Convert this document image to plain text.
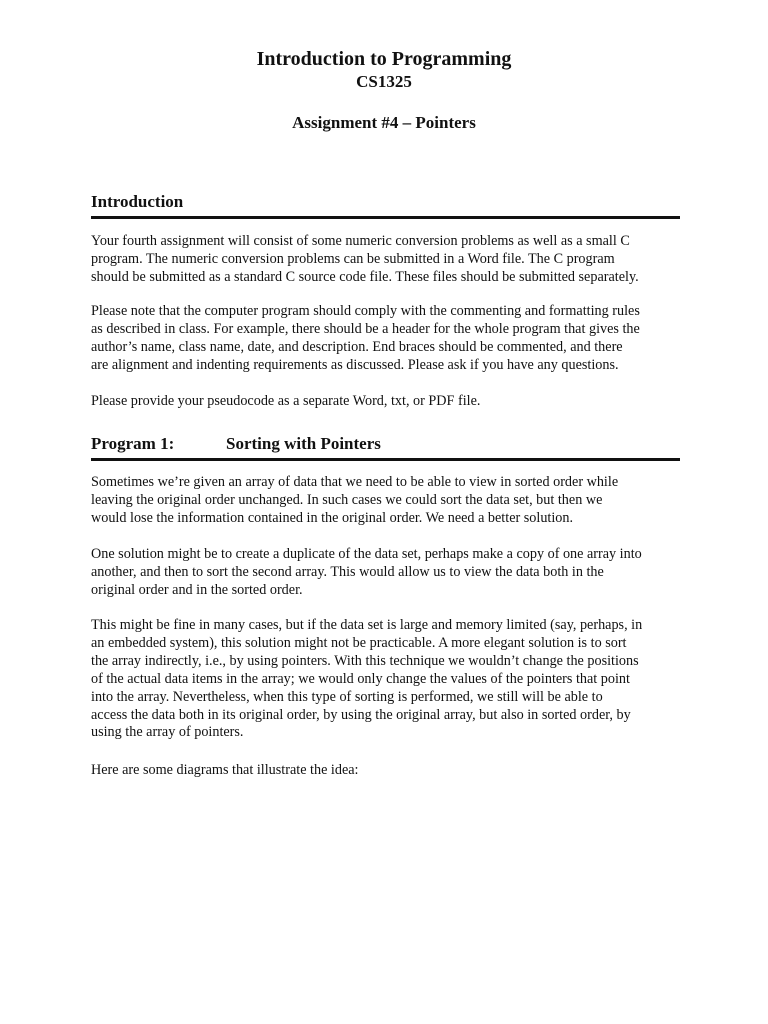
Introduction to Programming
CS1325
Assignment #4 – Pointers
Introduction

Your fourth assignment will consist of some numeric conversion problems as well as a small C
program. The numeric conversion problems can be submitted in a Word file. The C program
should be submitted as a standard C source code file. These files should be submitted separately.

Please note that the computer program should comply with the commenting and formatting rules
as described in class. For example, there should be a header for the whole program that gives the
author’s name, class name, date, and description. End braces should be commented, and there
are alignment and indenting requirements as discussed. Please ask if you have any questions.

Please provide your pseudocode as a separate Word, txt, or PDF file.

Program 1:	Sorting with Pointers

Sometimes we’re given an array of data that we need to be able to view in sorted order while
leaving the original order unchanged. In such cases we could sort the data set, but then we
would lose the information contained in the original order. We need a better solution.

One solution might be to create a duplicate of the data set, perhaps make a copy of one array into
another, and then to sort the second array. This would allow us to view the data both in the
original order and in the sorted order.

This might be fine in many cases, but if the data set is large and memory limited (say, perhaps, in
an embedded system), this solution might not be practicable. A more elegant solution is to sort
the array indirectly, i.e., by using pointers. With this technique we wouldn’t change the positions
of the actual data items in the array; we would only change the values of the pointers that point
into the array. Nevertheless, when this type of sorting is performed, we still will be able to
access the data both in its original order, by using the original array, but also in sorted order, by
using the array of pointers.

Here are some diagrams that illustrate the idea:
